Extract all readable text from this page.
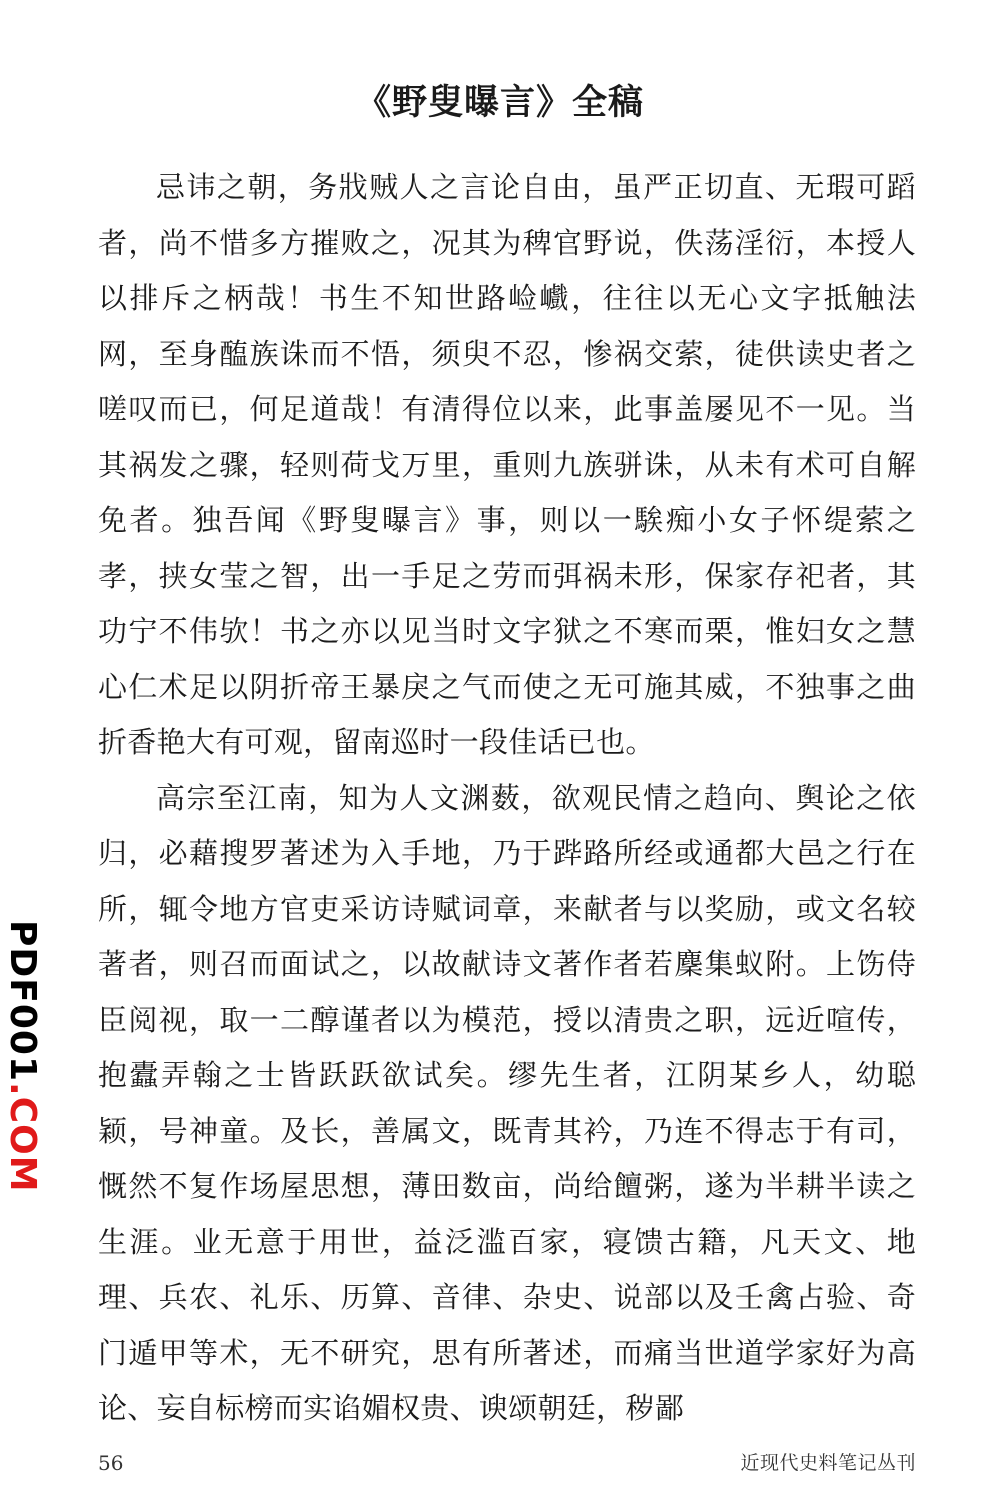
《野叟曝言》全稿

忌讳之朝，务戕贼人之言论自由，虽严正切直、无瑕可蹈者，尚不惜多方摧败之，况其为稗官野说，佚荡淫衍，本授人以排斥之柄哉！书生不知世路崄巇，往往以无心文字抵触法网，至身醢族诛而不悟，须臾不忍，惨祸交萦，徒供读史者之嗟叹而已，何足道哉！有清得位以来，此事盖屡见不一见。当其祸发之骤，轻则荷戈万里，重则九族骈诛，从未有术可自解免者。独吾闻《野叟曝言》事，则以一騃痴小女子怀缇萦之孝，挟女莹之智，出一手足之劳而弭祸未形，保家存祀者，其功宁不伟欤！书之亦以见当时文字狱之不寒而栗，惟妇女之慧心仁术足以阴折帝王暴戾之气而使之无可施其威，不独事之曲折香艳大有可观，留南巡时一段佳话已也。

高宗至江南，知为人文渊薮，欲观民情之趋向、舆论之依归，必藉搜罗著述为入手地，乃于跸路所经或通都大邑之行在所，辄令地方官吏采访诗赋词章，来献者与以奖励，或文名较著者，则召而面试之，以故献诗文著作者若麇集蚁附。上饬侍臣阅视，取一二醇谨者以为模范，授以清贵之职，远近喧传，抱蠹弄翰之士皆跃跃欲试矣。缪先生者，江阴某乡人，幼聪颖，号神童。及长，善属文，既青其衿，乃连不得志于有司，慨然不复作场屋思想，薄田数亩，尚给饘粥，遂为半耕半读之生涯。业无意于用世，益泛滥百家，寝馈古籍，凡天文、地理、兵农、礼乐、历算、音律、杂史、说部以及壬禽占验、奇门遁甲等术，无不研究，思有所著述，而痛当世道学家好为高论、妄自标榜而实谄媚权贵、谀颂朝廷，秽鄙

PDF001.COM
56	近现代史料笔记丛刊
